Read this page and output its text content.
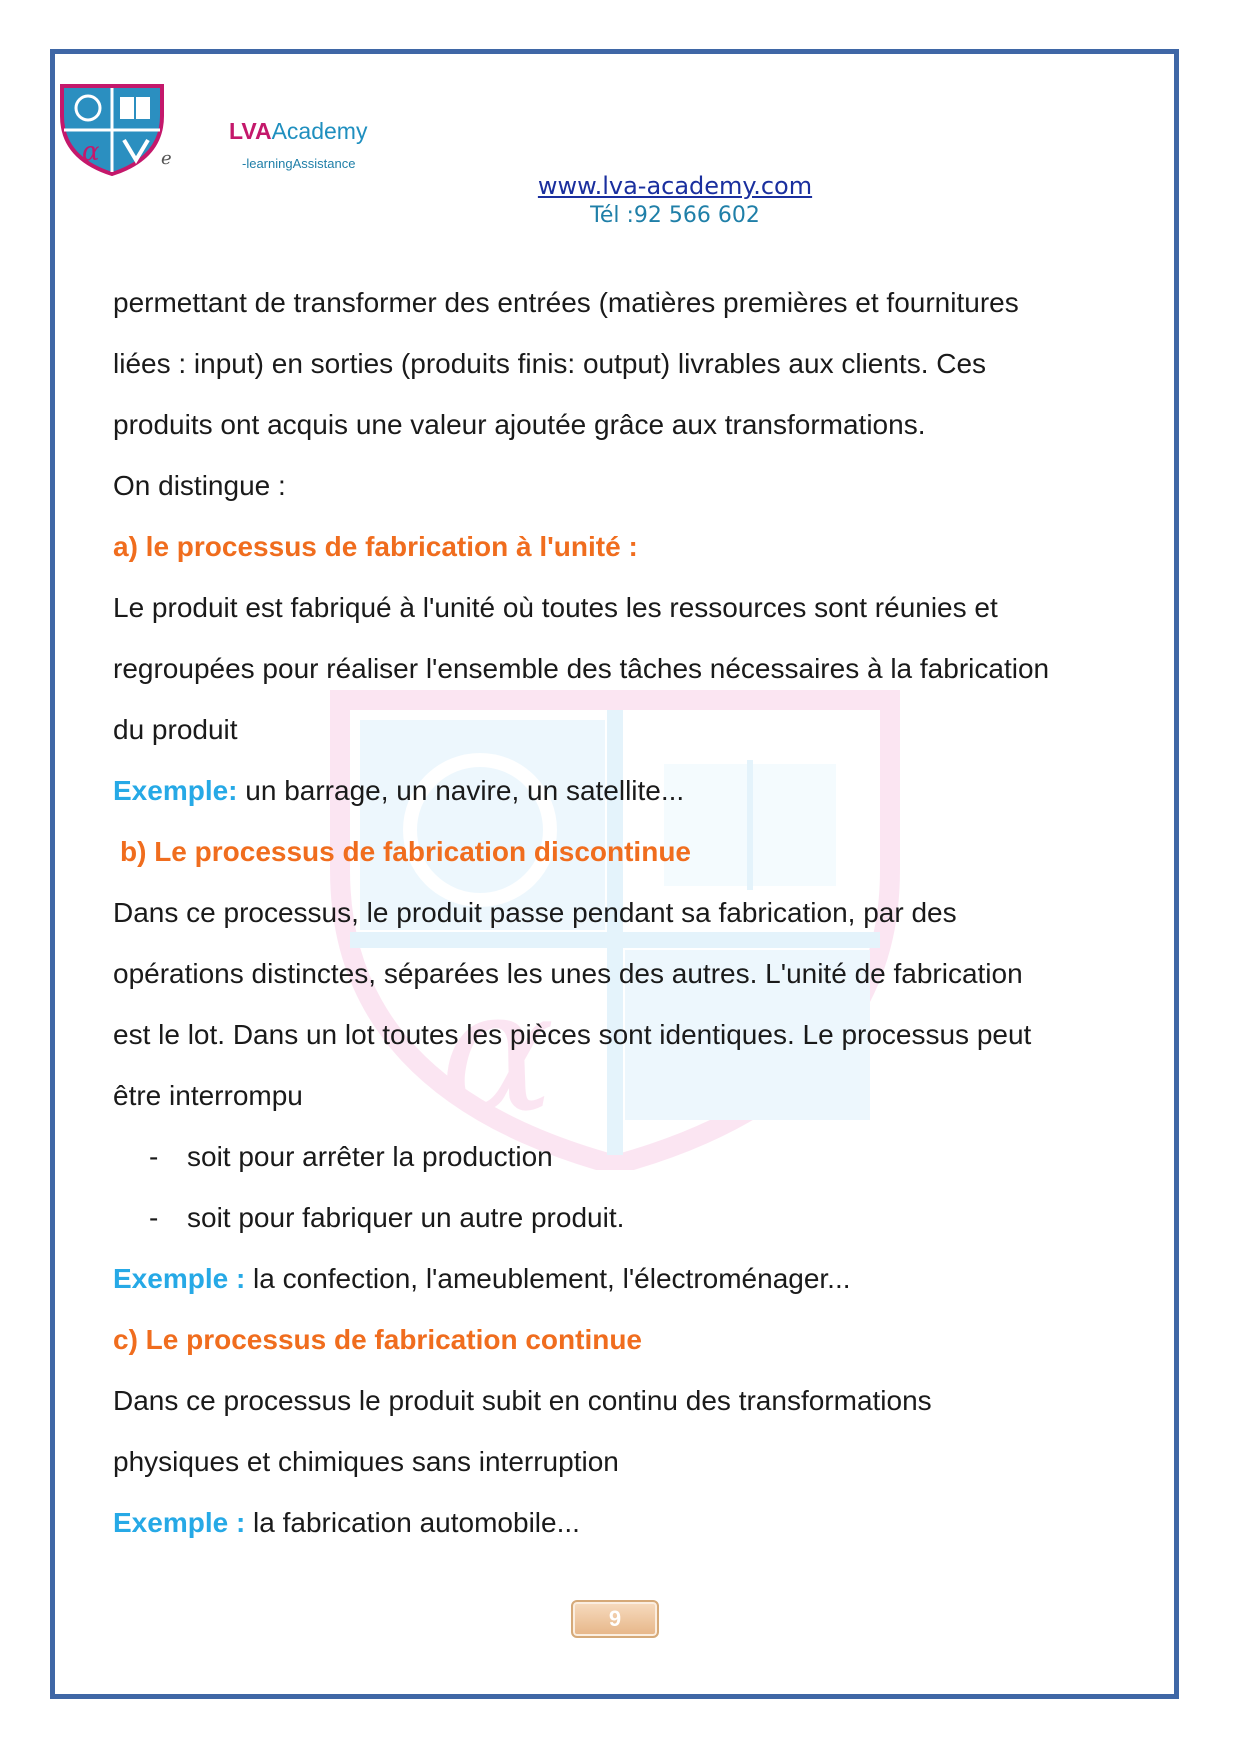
α	e
LVAAcademy
-learningAssistance
www.lva-academy.com
Tél :92 566 602
α

permettant de transformer des entrées (matières premières et fournitures

liées : input) en sorties (produits finis: output) livrables aux clients. Ces

produits ont acquis une valeur ajoutée grâce aux transformations.

On distingue :

a) le processus de fabrication à l'unité :

Le produit est fabriqué à l'unité où toutes les ressources sont réunies et

regroupées pour réaliser l'ensemble des tâches nécessaires à la fabrication

du produit

Exemple: un barrage, un navire, un satellite...

b) Le processus de fabrication discontinue

Dans ce processus, le produit passe pendant sa fabrication, par des

opérations distinctes, séparées les unes des autres. L'unité de fabrication

est le lot. Dans un lot toutes les pièces sont identiques. Le processus peut

être interrompu

- soit pour arrêter la production

- soit pour fabriquer un autre produit.

Exemple : la confection, l'ameublement, l'électroménager...

c) Le processus de fabrication continue

Dans ce processus le produit subit en continu des transformations

physiques et chimiques sans interruption

Exemple : la fabrication automobile...

9
